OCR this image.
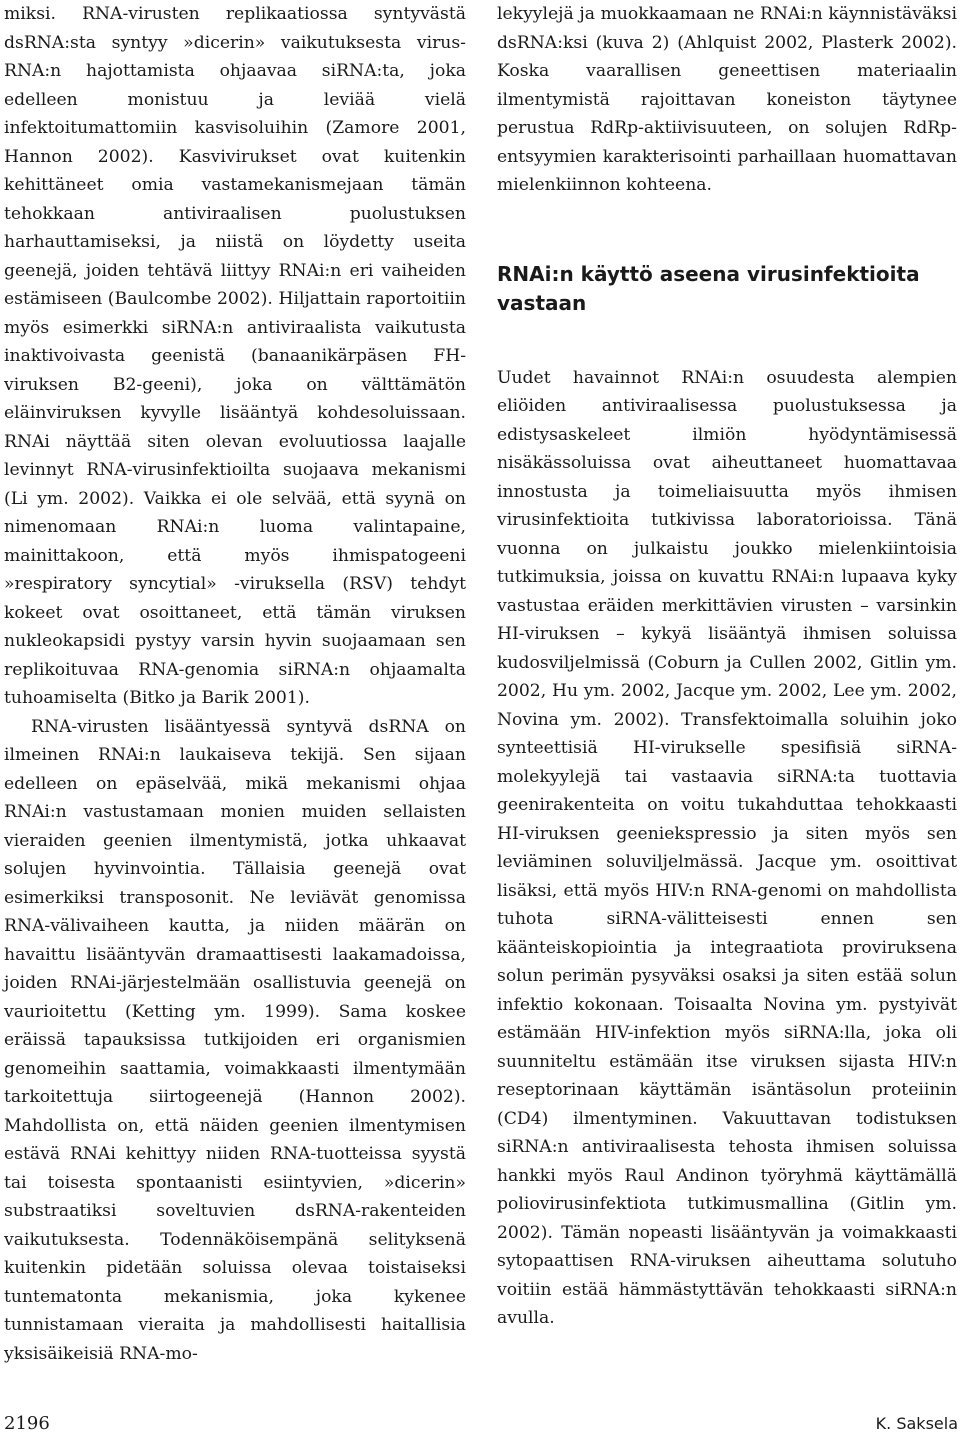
miksi. RNA-virusten replikaatiossa syntyvästä dsRNA:sta syntyy »dicerin» vaikutuksesta virus-RNA:n hajottamista ohjaavaa siRNA:ta, joka edelleen monistuu ja leviää vielä infektoitumattomiin kasvisoluihin (Zamore 2001, Hannon 2002). Kasvivirukset ovat kuitenkin kehittäneet omia vastamekanismejaan tämän tehokkaan antiviraalisen puolustuksen harhauttamiseksi, ja niistä on löydetty useita geenejä, joiden tehtävä liittyy RNAi:n eri vaiheiden estämiseen (Baulcombe 2002). Hiljattain raportoitiin myös esimerkki siRNA:n antiviraalista vaikutusta inaktivoivasta geenistä (banaanikärpäsen FH-viruksen B2-geeni), joka on välttämätön eläinviruksen kyvylle lisääntyä kohdesoluissaan. RNAi näyttää siten olevan evoluutiossa laajalle levinnyt RNA-virusinfektioilta suojaava mekanismi (Li ym. 2002). Vaikka ei ole selvää, että syynä on nimenomaan RNAi:n luoma valintapaine, mainittakoon, että myös ihmispatogeeni »respiratory syncytial» -viruksella (RSV) tehdyt kokeet ovat osoittaneet, että tämän viruksen nukleokapsidi pystyy varsin hyvin suojaamaan sen replikoituvaa RNA-genomia siRNA:n ohjaamalta tuhoamiselta (Bitko ja Barik 2001).

RNA-virusten lisääntyessä syntyvä dsRNA on ilmeinen RNAi:n laukaiseva tekijä. Sen sijaan edelleen on epäselvää, mikä mekanismi ohjaa RNAi:n vastustamaan monien muiden sellaisten vieraiden geenien ilmentymistä, jotka uhkaavat solujen hyvinvointia. Tällaisia geenejä ovat esimerkiksi transposonit. Ne leviävät genomissa RNA-välivaiheen kautta, ja niiden määrän on havaittu lisääntyvän dramaattisesti laakamadoissa, joiden RNAi-järjestelmään osallistuvia geenejä on vaurioitettu (Ketting ym. 1999). Sama koskee eräissä tapauksissa tutkijoiden eri organismien genomeihin saattamia, voimakkaasti ilmentymään tarkoitettuja siirtogeenejä (Hannon 2002). Mahdollista on, että näiden geenien ilmentymisen estävä RNAi kehittyy niiden RNA-tuotteissa syystä tai toisesta spontaanisti esiintyvien, »dicerin» substraatiksi soveltuvien dsRNA-rakenteiden vaikutuksesta. Todennäköisempänä selityksenä kuitenkin pidetään soluissa olevaa toistaiseksi tuntematonta mekanismia, joka kykenee tunnistamaan vieraita ja mahdollisesti haitallisia yksisäikeisiä RNA-mo-

lekyylejä ja muokkaamaan ne RNAi:n käynnistäväksi dsRNA:ksi (kuva 2) (Ahlquist 2002, Plasterk 2002). Koska vaarallisen geneettisen materiaalin ilmentymistä rajoittavan koneiston täytynee perustua RdRp-aktiivisuuteen, on solujen RdRp-entsyymien karakterisointi parhaillaan huomattavan mielenkiinnon kohteena.

RNAi:n käyttö aseena virusinfektioita vastaan

Uudet havainnot RNAi:n osuudesta alempien eliöiden antiviraalisessa puolustuksessa ja edistysaskeleet ilmiön hyödyntämisessä nisäkässoluissa ovat aiheuttaneet huomattavaa innostusta ja toimeliaisuutta myös ihmisen virusinfektioita tutkivissa laboratorioissa. Tänä vuonna on julkaistu joukko mielenkiintoisia tutkimuksia, joissa on kuvattu RNAi:n lupaava kyky vastustaa eräiden merkittävien virusten – varsinkin HI-viruksen – kykyä lisääntyä ihmisen soluissa kudosviljelmissä (Coburn ja Cullen 2002, Gitlin ym. 2002, Hu ym. 2002, Jacque ym. 2002, Lee ym. 2002, Novina ym. 2002). Transfektoimalla soluihin joko synteettisiä HI-virukselle spesifisiä siRNA-molekyylejä tai vastaavia siRNA:ta tuottavia geenirakenteita on voitu tukahduttaa tehokkaasti HI-viruksen geeniekspressio ja siten myös sen leviäminen soluviljelmässä. Jacque ym. osoittivat lisäksi, että myös HIV:n RNA-genomi on mahdollista tuhota siRNA-välitteisesti ennen sen käänteiskopiointia ja integraatiota proviruksena solun perimän pysyväksi osaksi ja siten estää solun infektio kokonaan. Toisaalta Novina ym. pystyivät estämään HIV-infektion myös siRNA:lla, joka oli suunniteltu estämään itse viruksen sijasta HIV:n reseptorinaan käyttämän isäntäsolun proteiinin (CD4) ilmentyminen. Vakuuttavan todistuksen siRNA:n antiviraalisesta tehosta ihmisen soluissa hankki myös Raul Andinon työryhmä käyttämällä poliovirusinfektiota tutkimusmallina (Gitlin ym. 2002). Tämän nopeasti lisääntyvän ja voimakkaasti sytopaattisen RNA-viruksen aiheuttama solutuho voitiin estää hämmästyttävän tehokkaasti siRNA:n avulla.

2196	K. Saksela
